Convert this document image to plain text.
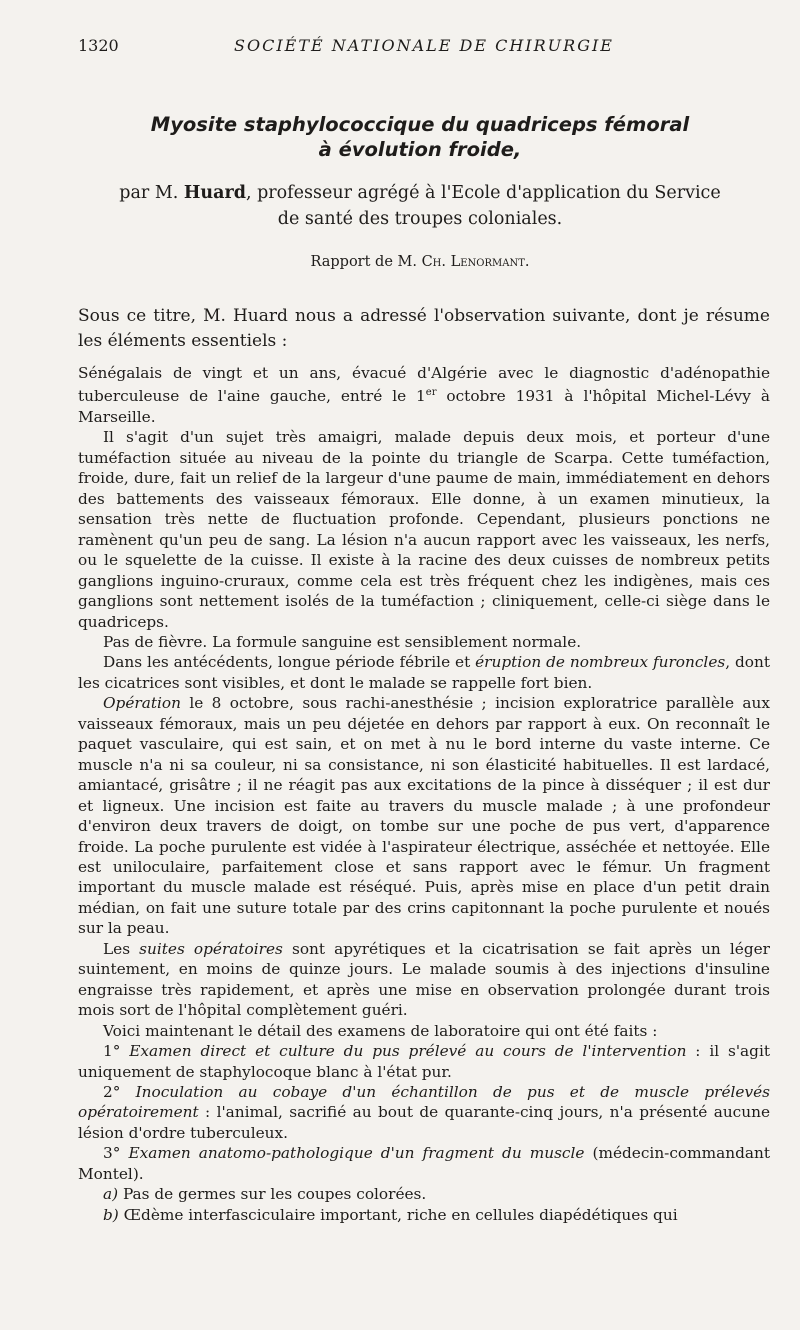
1320	SOCIÉTÉ NATIONALE DE CHIRURGIE
Myosite staphylococcique du quadriceps fémoral
à évolution froide,
par M. Huard, professeur agrégé à l'Ecole d'application du Service
de santé des troupes coloniales.
Rapport de M. Ch. Lenormant.
Sous ce titre, M. Huard nous a adressé l'observation suivante, dont je résume les éléments essentiels :

Sénégalais de vingt et un ans, évacué d'Algérie avec le diagnostic d'adénopathie tuberculeuse de l'aine gauche, entré le 1er octobre 1931 à l'hôpital Michel-Lévy à Marseille.

Il s'agit d'un sujet très amaigri, malade depuis deux mois, et porteur d'une tuméfaction située au niveau de la pointe du triangle de Scarpa. Cette tuméfaction, froide, dure, fait un relief de la largeur d'une paume de main, immédiatement en dehors des battements des vaisseaux fémoraux. Elle donne, à un examen minutieux, la sensation très nette de fluctuation profonde. Cependant, plusieurs ponctions ne ramènent qu'un peu de sang. La lésion n'a aucun rapport avec les vaisseaux, les nerfs, ou le squelette de la cuisse. Il existe à la racine des deux cuisses de nombreux petits ganglions inguino-cruraux, comme cela est très fréquent chez les indigènes, mais ces ganglions sont nettement isolés de la tuméfaction ; cliniquement, celle-ci siège dans le quadriceps.

Pas de fièvre. La formule sanguine est sensiblement normale.

Dans les antécédents, longue période fébrile et éruption de nombreux furoncles, dont les cicatrices sont visibles, et dont le malade se rappelle fort bien.

Opération le 8 octobre, sous rachi-anesthésie ; incision exploratrice parallèle aux vaisseaux fémoraux, mais un peu déjetée en dehors par rapport à eux. On reconnaît le paquet vasculaire, qui est sain, et on met à nu le bord interne du vaste interne. Ce muscle n'a ni sa couleur, ni sa consistance, ni son élasticité habituelles. Il est lardacé, amiantacé, grisâtre ; il ne réagit pas aux excitations de la pince à disséquer ; il est dur et ligneux. Une incision est faite au travers du muscle malade ; à une profondeur d'environ deux travers de doigt, on tombe sur une poche de pus vert, d'apparence froide. La poche purulente est vidée à l'aspirateur électrique, asséchée et nettoyée. Elle est uniloculaire, parfaitement close et sans rapport avec le fémur. Un fragment important du muscle malade est réséqué. Puis, après mise en place d'un petit drain médian, on fait une suture totale par des crins capitonnant la poche purulente et noués sur la peau.

Les suites opératoires sont apyrétiques et la cicatrisation se fait après un léger suintement, en moins de quinze jours. Le malade soumis à des injections d'insuline engraisse très rapidement, et après une mise en observation prolongée durant trois mois sort de l'hôpital complètement guéri.

Voici maintenant le détail des examens de laboratoire qui ont été faits :

1° Examen direct et culture du pus prélevé au cours de l'intervention : il s'agit uniquement de staphylocoque blanc à l'état pur.

2° Inoculation au cobaye d'un échantillon de pus et de muscle prélevés opératoirement : l'animal, sacrifié au bout de quarante-cinq jours, n'a présenté aucune lésion d'ordre tuberculeux.

3° Examen anatomo-pathologique d'un fragment du muscle (médecin-commandant Montel).

a) Pas de germes sur les coupes colorées.

b) Œdème interfasciculaire important, riche en cellules diapédétiques qui
